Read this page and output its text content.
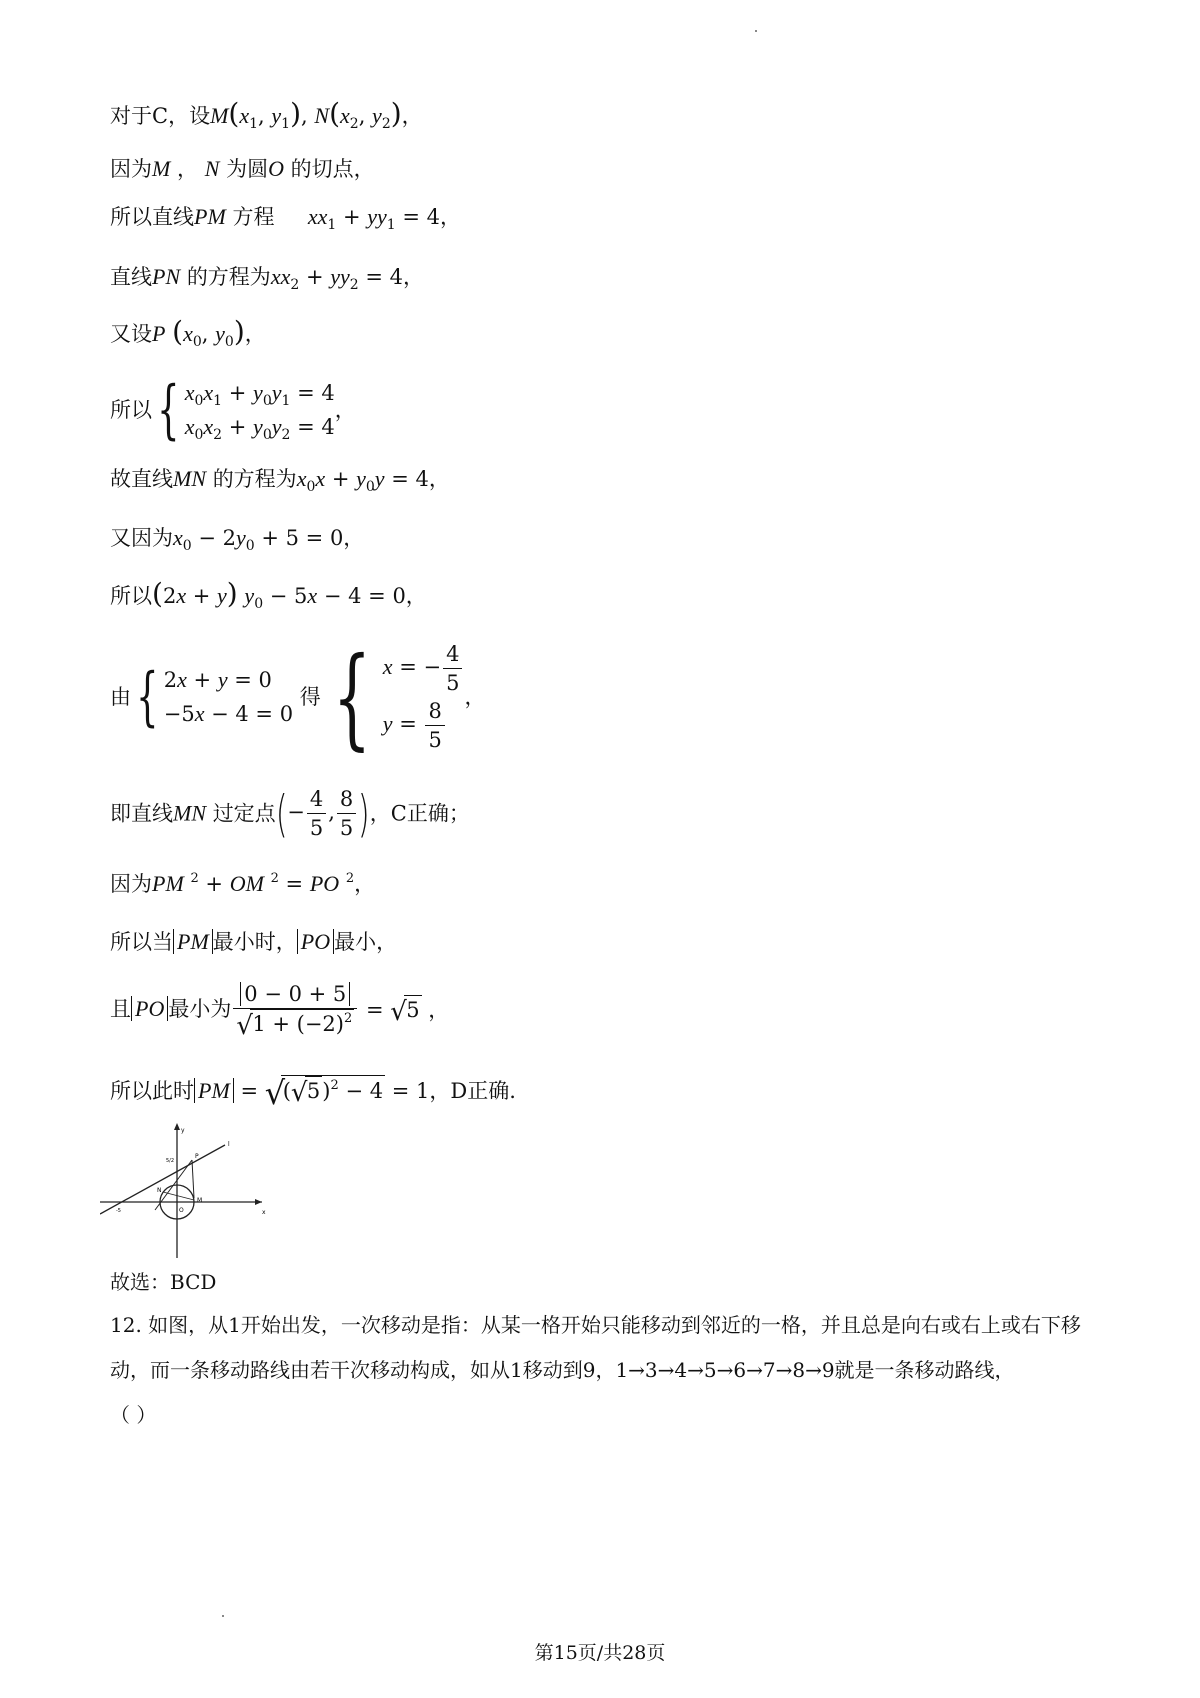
对于C，设$M(x_1$, $y_1$), $N(x_2$, $y_2$)，
因为M ， N 为圆O 的切点，
所以直线PM 方程 $xx_1 + yy_1 = 4$，
直线PN 的方程为$xx_2 + yy_2 = 4$，
又设P ($x_0$, $y_0$)，
所以{ $x_0x_1 + y_0y_1 = 4$
$x_0x_2 + y_0y_2 = 4$，
故直线MN 的方程为$x_0x + y_0y = 4$，
又因为$x_0 - 2y_0 + 5 = 0$，
所以(2x + y) $y_0 - 5x - 4 = 0$，
由{ 2x + y = 0
−5x − 4 = 0 得 { x = − $\frac{4}{5}$

$y = \frac{8}{5}$ ，
即直线MN 过定点(− $\frac{4}{5}$ , $\frac{8}{5}$ )，C正确；
因为PM $^2$ + OM $^2$ = PO $^2$，
所以当 PM 最小时， PO 最小，
且 PO 最小为 $\frac{0 - 0 + 5}{√ 1 + (-2)^2}$ = √ 5 ，
所以此时 PM = √
( √ 5)$^2$ − 4 = 1，D正确.
y
x
l
P
N
M
O
-5
5/2
故选：BCD
12. 如图，从1开始出发，一次移动是指：从某一格开始只能移动到邻近的一格，并且总是向右或右上或右下移动，而一条移动路线由若干次移动构成，如从1移动到9，1→3→4→5→6→7→8→9就是一条移动路线，
（ ）
第15页/共28页
